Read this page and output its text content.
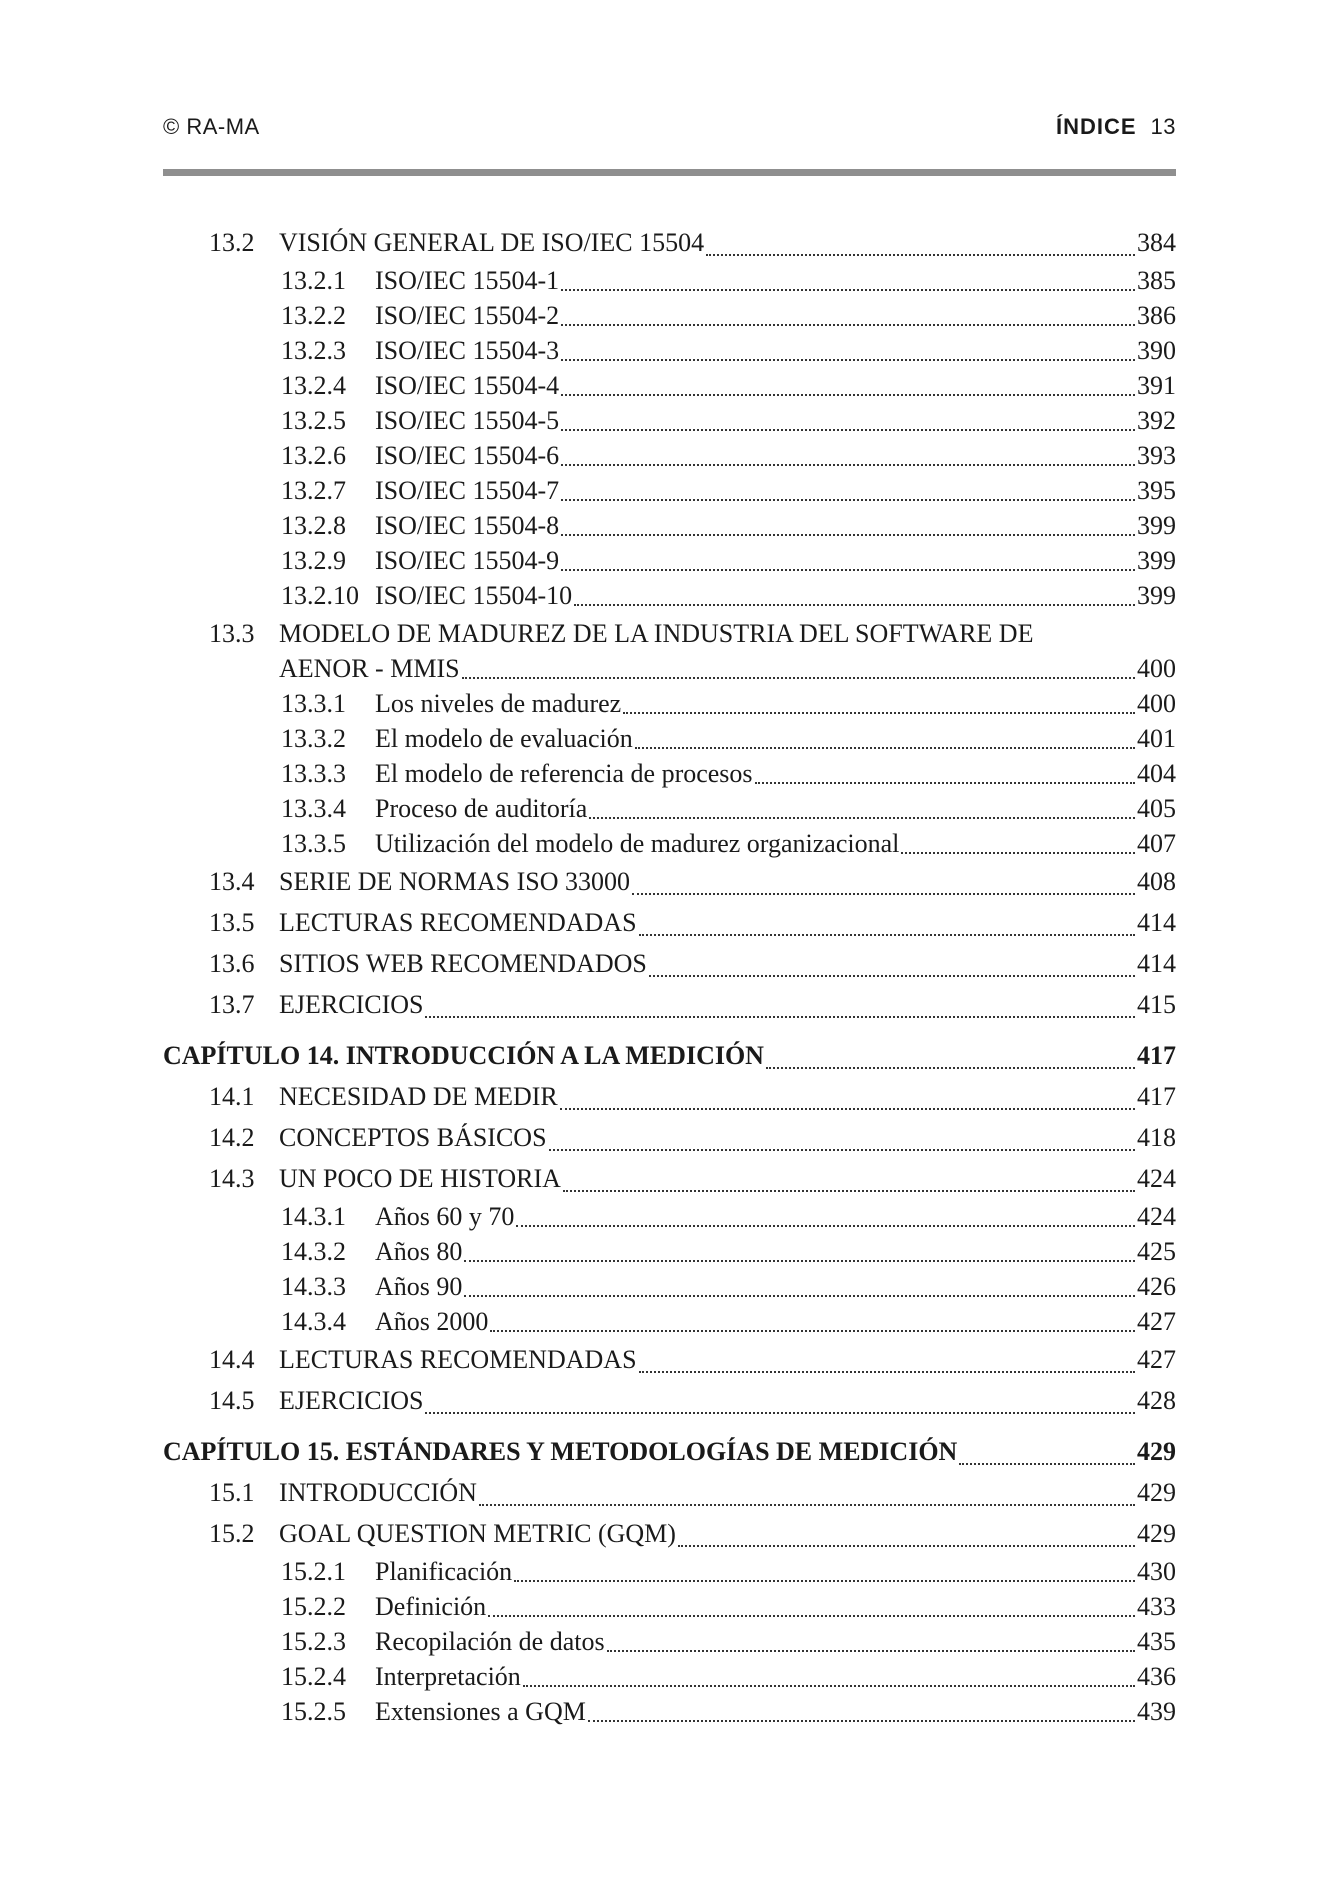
© RA-MA	ÍNDICE 13
13.2 VISIÓN GENERAL DE ISO/IEC 15504	384
13.2.1	ISO/IEC 15504-1	385
13.2.2	ISO/IEC 15504-2	386
13.2.3	ISO/IEC 15504-3	390
13.2.4	ISO/IEC 15504-4	391
13.2.5	ISO/IEC 15504-5	392
13.2.6	ISO/IEC 15504-6	393
13.2.7	ISO/IEC 15504-7	395
13.2.8	ISO/IEC 15504-8	399
13.2.9	ISO/IEC 15504-9	399
13.2.10 ISO/IEC 15504-10	399
13.3 MODELO DE MADUREZ DE LA INDUSTRIA DEL SOFTWARE DE
AENOR - MMIS	400
13.3.1	Los niveles de madurez	400
13.3.2	El modelo de evaluación	401
13.3.3	El modelo de referencia de procesos	404
13.3.4	Proceso de auditoría	405
13.3.5	Utilización del modelo de madurez organizacional	407
13.4 SERIE DE NORMAS ISO 33000	408
13.5 LECTURAS RECOMENDADAS	414
13.6 SITIOS WEB RECOMENDADOS	414
13.7 EJERCICIOS	415
CAPÍTULO 14. INTRODUCCIÓN A LA MEDICIÓN	417
14.1 NECESIDAD DE MEDIR	417
14.2 CONCEPTOS BÁSICOS	418
14.3 UN POCO DE HISTORIA	424
14.3.1	Años 60 y 70	424
14.3.2	Años 80	425
14.3.3	Años 90	426
14.3.4	Años 2000	427
14.4 LECTURAS RECOMENDADAS	427
14.5 EJERCICIOS	428
CAPÍTULO 15. ESTÁNDARES Y METODOLOGÍAS DE MEDICIÓN	429
15.1 INTRODUCCIÓN	429
15.2 GOAL QUESTION METRIC (GQM)	429
15.2.1	Planificación	430
15.2.2	Definición	433
15.2.3	Recopilación de datos	435
15.2.4	Interpretación	436
15.2.5	Extensiones a GQM	439
